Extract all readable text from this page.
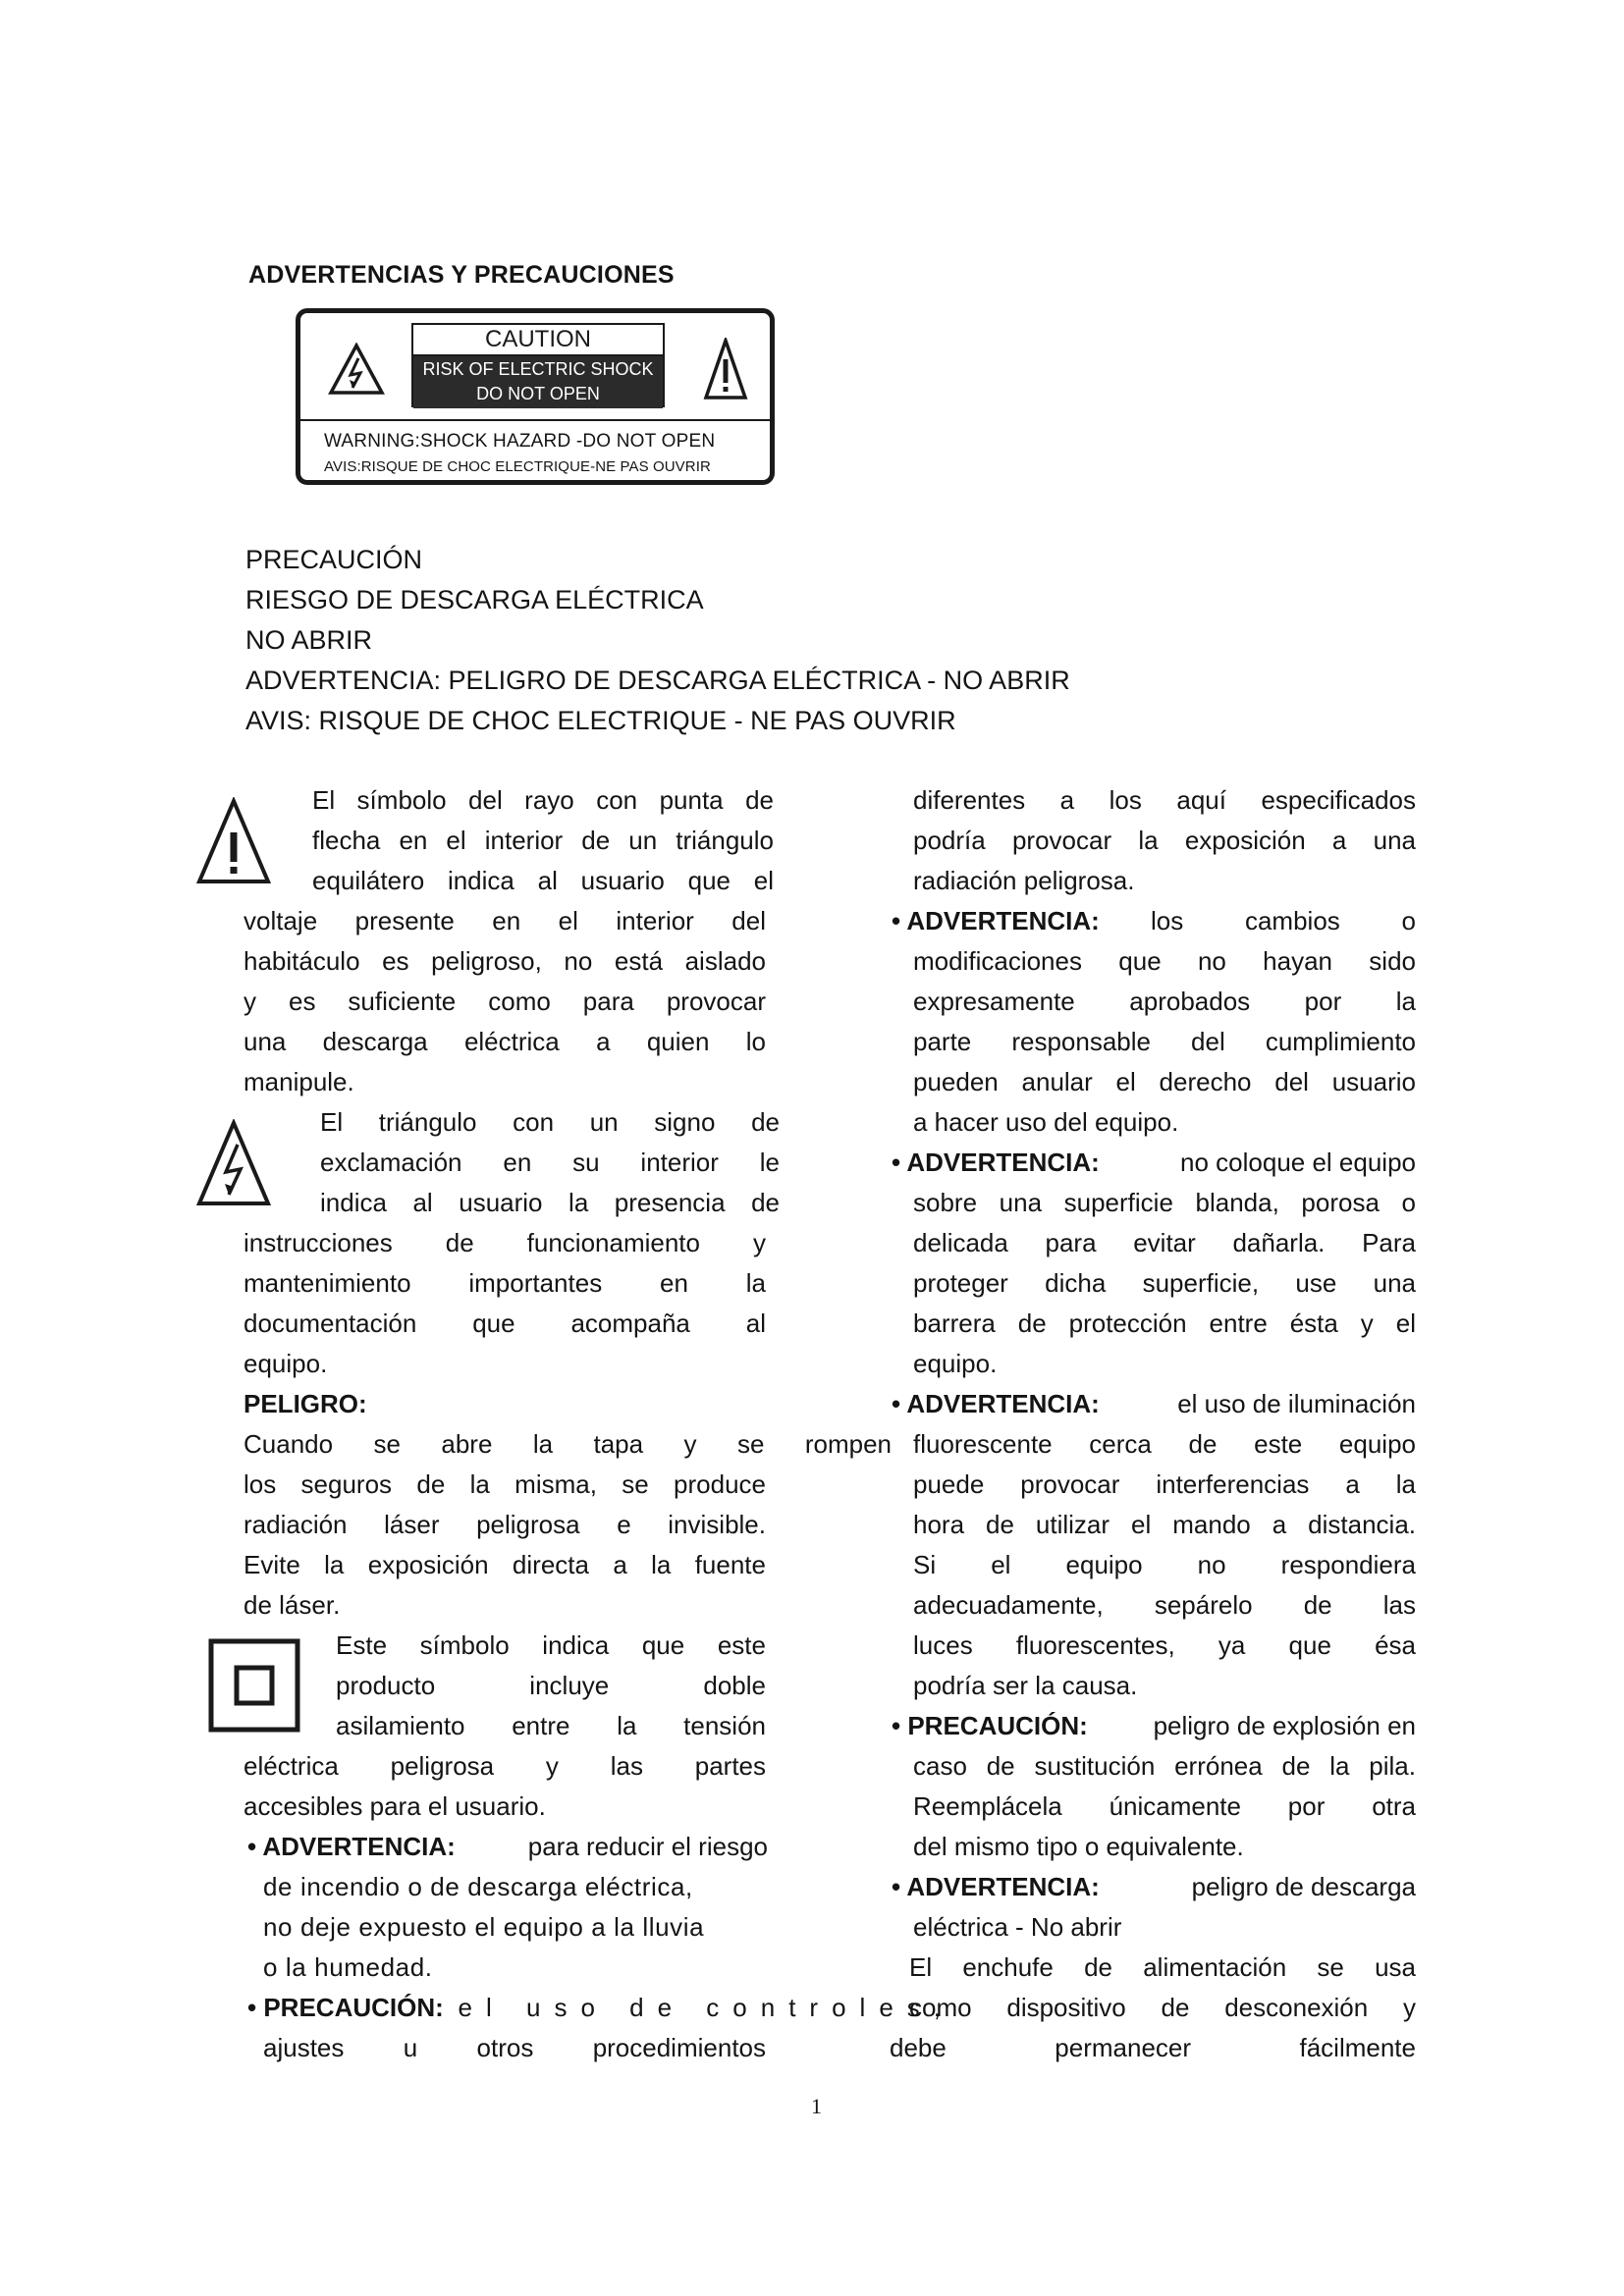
ADVERTENCIAS Y PRECAUCIONES
CAUTION
RISK OF ELECTRIC SHOCK
DO NOT OPEN
WARNING:SHOCK HAZARD -DO NOT OPEN
AVIS:RISQUE DE CHOC ELECTRIQUE-NE PAS OUVRIR
PRECAUCIÓN
RIESGO DE DESCARGA ELÉCTRICA
NO ABRIR
ADVERTENCIA: PELIGRO DE DESCARGA ELÉCTRICA - NO ABRIR
AVIS: RISQUE DE CHOC ELECTRIQUE - NE PAS OUVRIR
El símbolo del rayo con punta de
flecha en el interior de un triángulo
equilátero indica al usuario que el
voltaje presente en el interior del
habitáculo es peligroso, no está aislado
y es suficiente como para provocar
una descarga eléctrica a quien lo
manipule.
El triángulo con un signo de
exclamación en su interior le
indica al usuario la presencia de
instrucciones de funcionamiento y
mantenimiento importantes en la
documentación que acompaña al
equipo.
PELIGRO:
Cuando se abre la tapa y se rompen
los seguros de la misma, se produce
radiación láser peligrosa e invisible.
Evite la exposición directa a la fuente
de láser.
Este símbolo indica que este
producto incluye doble
asilamiento entre la tensión
eléctrica peligrosa y las partes
accesibles para el usuario.
• ADVERTENCIA:	para reducir el riesgo
de incendio o de descarga eléctrica,
no deje expuesto el equipo a la lluvia
o la humedad.
• PRECAUCIÓN: el uso de controles,
ajustes u otros procedimientos
diferentes a los aquí especificados
podría provocar la exposición a una
radiación peligrosa.
• ADVERTENCIA: los cambios o
modificaciones que no hayan sido
expresamente aprobados por la
parte responsable del cumplimiento
pueden anular el derecho del usuario
a hacer uso del equipo.
• ADVERTENCIA:	no coloque el equipo
sobre una superficie blanda, porosa o
delicada para evitar dañarla. Para
proteger dicha superficie, use una
barrera de protección entre ésta y el
equipo.
• ADVERTENCIA:	el uso de iluminación
fluorescente cerca de este equipo
puede provocar interferencias a la
hora de utilizar el mando a distancia.
Si el equipo no respondiera
adecuadamente, sepárelo de las
luces fluorescentes, ya que ésa
podría ser la causa.
• PRECAUCIÓN:	peligro de explosión en
caso de sustitución errónea de la pila.
Reemplácela únicamente por otra
del mismo tipo o equivalente.
• ADVERTENCIA:	peligro de descarga
eléctrica - No abrir
El enchufe de alimentación se usa
como dispositivo de desconexión y
debe permanecer fácilmente
1
